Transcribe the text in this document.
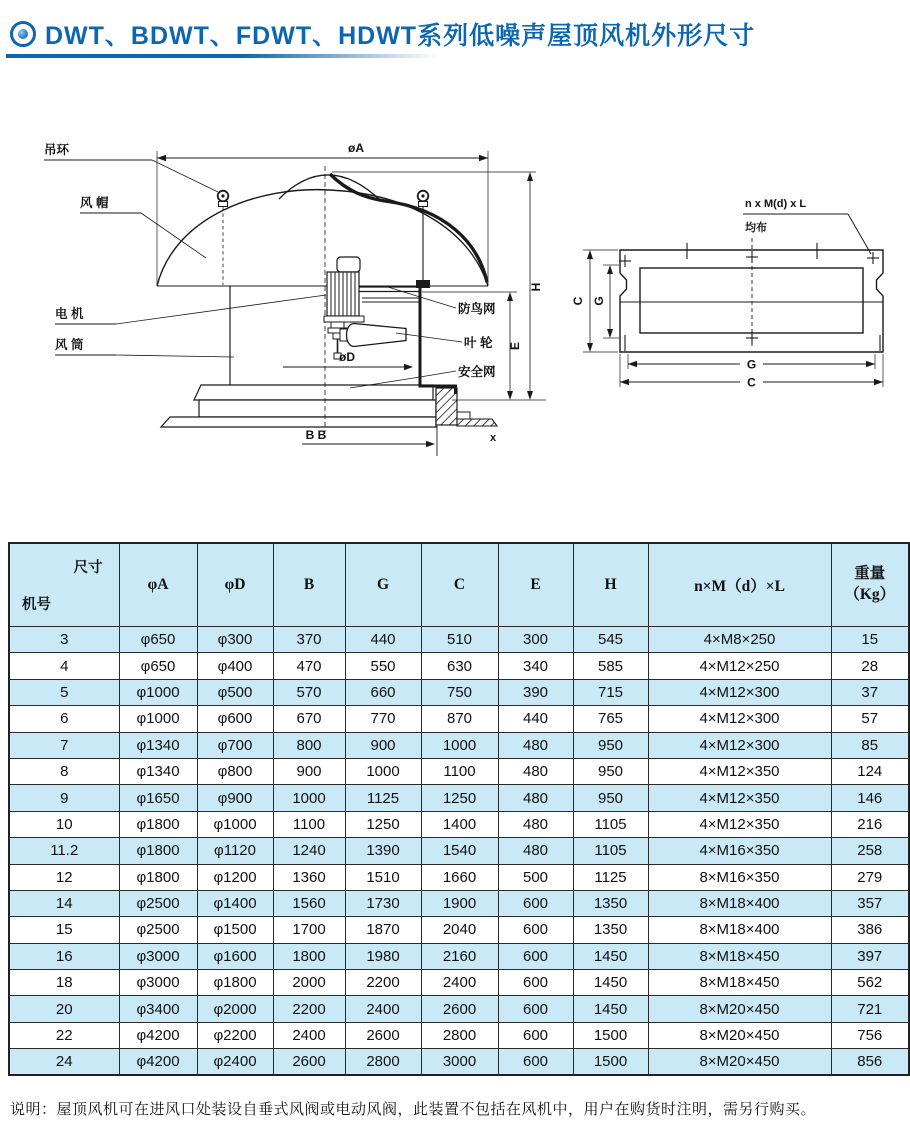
DWT、BDWT、FDWT、HDWT系列低噪声屋顶风机外形尺寸
吊环
风 帽
电 机
风 筒
防鸟网
叶 轮
安全网
øA
øD
H
E
B B	x
n x M(d) x L
均布
C G
G
C
尺寸
机号	φA	φD	B	G	C	E	H	n×M（d）×L	重量
（Kg）
3	φ650	φ300	370	440	510	300	545	4×M8×250	15
4	φ650	φ400	470	550	630	340	585	4×M12×250	28
5	φ1000	φ500	570	660	750	390	715	4×M12×300	37
6	φ1000	φ600	670	770	870	440	765	4×M12×300	57
7	φ1340	φ700	800	900	1000	480	950	4×M12×300	85
8	φ1340	φ800	900	1000	1100	480	950	4×M12×350	124
9	φ1650	φ900	1000	1125	1250	480	950	4×M12×350	146
10	φ1800	φ1000	1100	1250	1400	480	1105	4×M12×350	216
11.2	φ1800	φ1120	1240	1390	1540	480	1105	4×M16×350	258
12	φ1800	φ1200	1360	1510	1660	500	1125	8×M16×350	279
14	φ2500	φ1400	1560	1730	1900	600	1350	8×M18×400	357
15	φ2500	φ1500	1700	1870	2040	600	1350	8×M18×400	386
16	φ3000	φ1600	1800	1980	2160	600	1450	8×M18×450	397
18	φ3000	φ1800	2000	2200	2400	600	1450	8×M18×450	562
20	φ3400	φ2000	2200	2400	2600	600	1450	8×M20×450	721
22	φ4200	φ2200	2400	2600	2800	600	1500	8×M20×450	756
24	φ4200	φ2400	2600	2800	3000	600	1500	8×M20×450	856

说明：屋顶风机可在进风口处装设自垂式风阀或电动风阀，此装置不包括在风机中，用户在购货时注明，需另行购买。
